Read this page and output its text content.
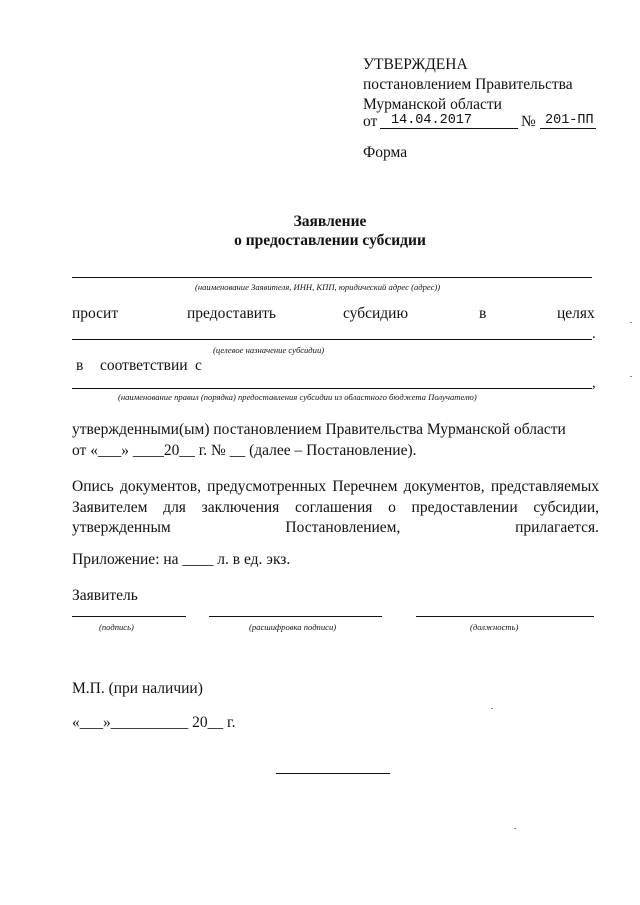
УТВЕРЖДЕНА
постановлением Правительства
Мурманской области
от 14.04.2017	№ 201-ПП
Форма
Заявление
о предоставлении субсидии
(наименование Заявителя, ИНН, КПП, юридический адрес (адрес))
просит	предоставить	субсидию	в	целях
.
(целевое назначение субсидии)
в соответствии с
,
(наименование правил (порядка) предоставления субсидии из областного бюджета Получателю)
утвержденными(ым) постановлением Правительства Мурманской области
от «___» ____20__ г. № __ (далее – Постановление).
Опись документов, предусмотренных Перечнем документов, представляемых Заявителем для заключения соглашения о предоставлении субсидии, утвержденным Постановлением, прилагается.
Приложение: на ____ л. в ед. экз.
Заявитель
(подпись)	(расшифровка подписи)	(должность)
М.П. (при наличии)
«___»__________ 20__ г.
